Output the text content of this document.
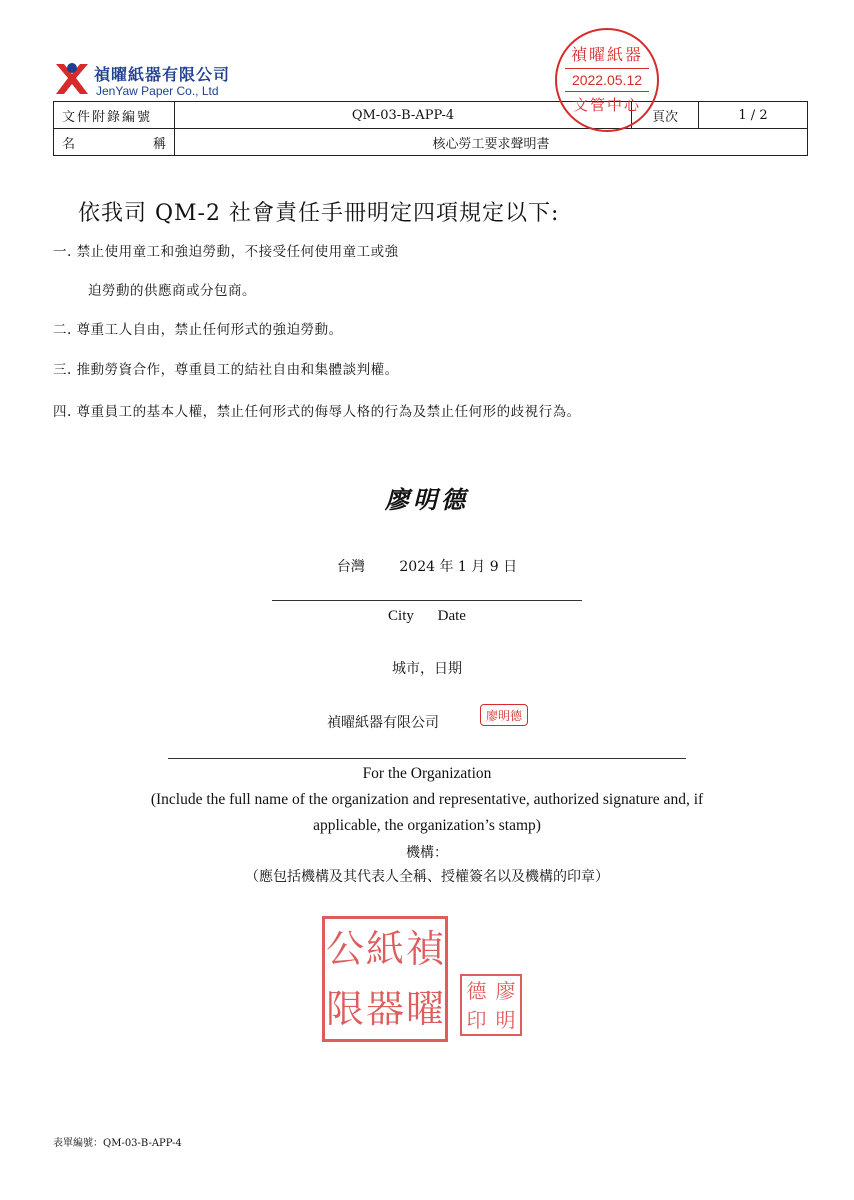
禎曜紙器有限公司
JenYaw Paper Co., Ltd
文件附錄編號	QM-03-B-APP-4	頁次	1 / 2

名 稱	核心勞工要求聲明書		
禎曜紙器
2022.05.12
文管中心
依我司 QM-2 社會責任手冊明定四項規定以下:
一. 禁止使用童工和強迫勞動，不接受任何使用童工或強
迫勞動的供應商或分包商。
二. 尊重工人自由，禁止任何形式的強迫勞動。
三. 推動勞資合作，尊重員工的結社自由和集體談判權。
四. 尊重員工的基本人權，禁止任何形式的侮辱人格的行為及禁止任何形的歧視行為。
廖明德
台灣 2024 年 1 月 9 日
City Date
城市，日期
禎曜紙器有限公司	廖明德
For the Organization
(Include the full name of the organization and representative, authorized signature and, if
applicable, the organization’s stamp)
機構：
（應包括機構及其代表人全稱、授權簽名以及機構的印章）
公 紙 禎
限 器 曜 德 廖
印 明
表單編號：QM-03-B-APP-4
